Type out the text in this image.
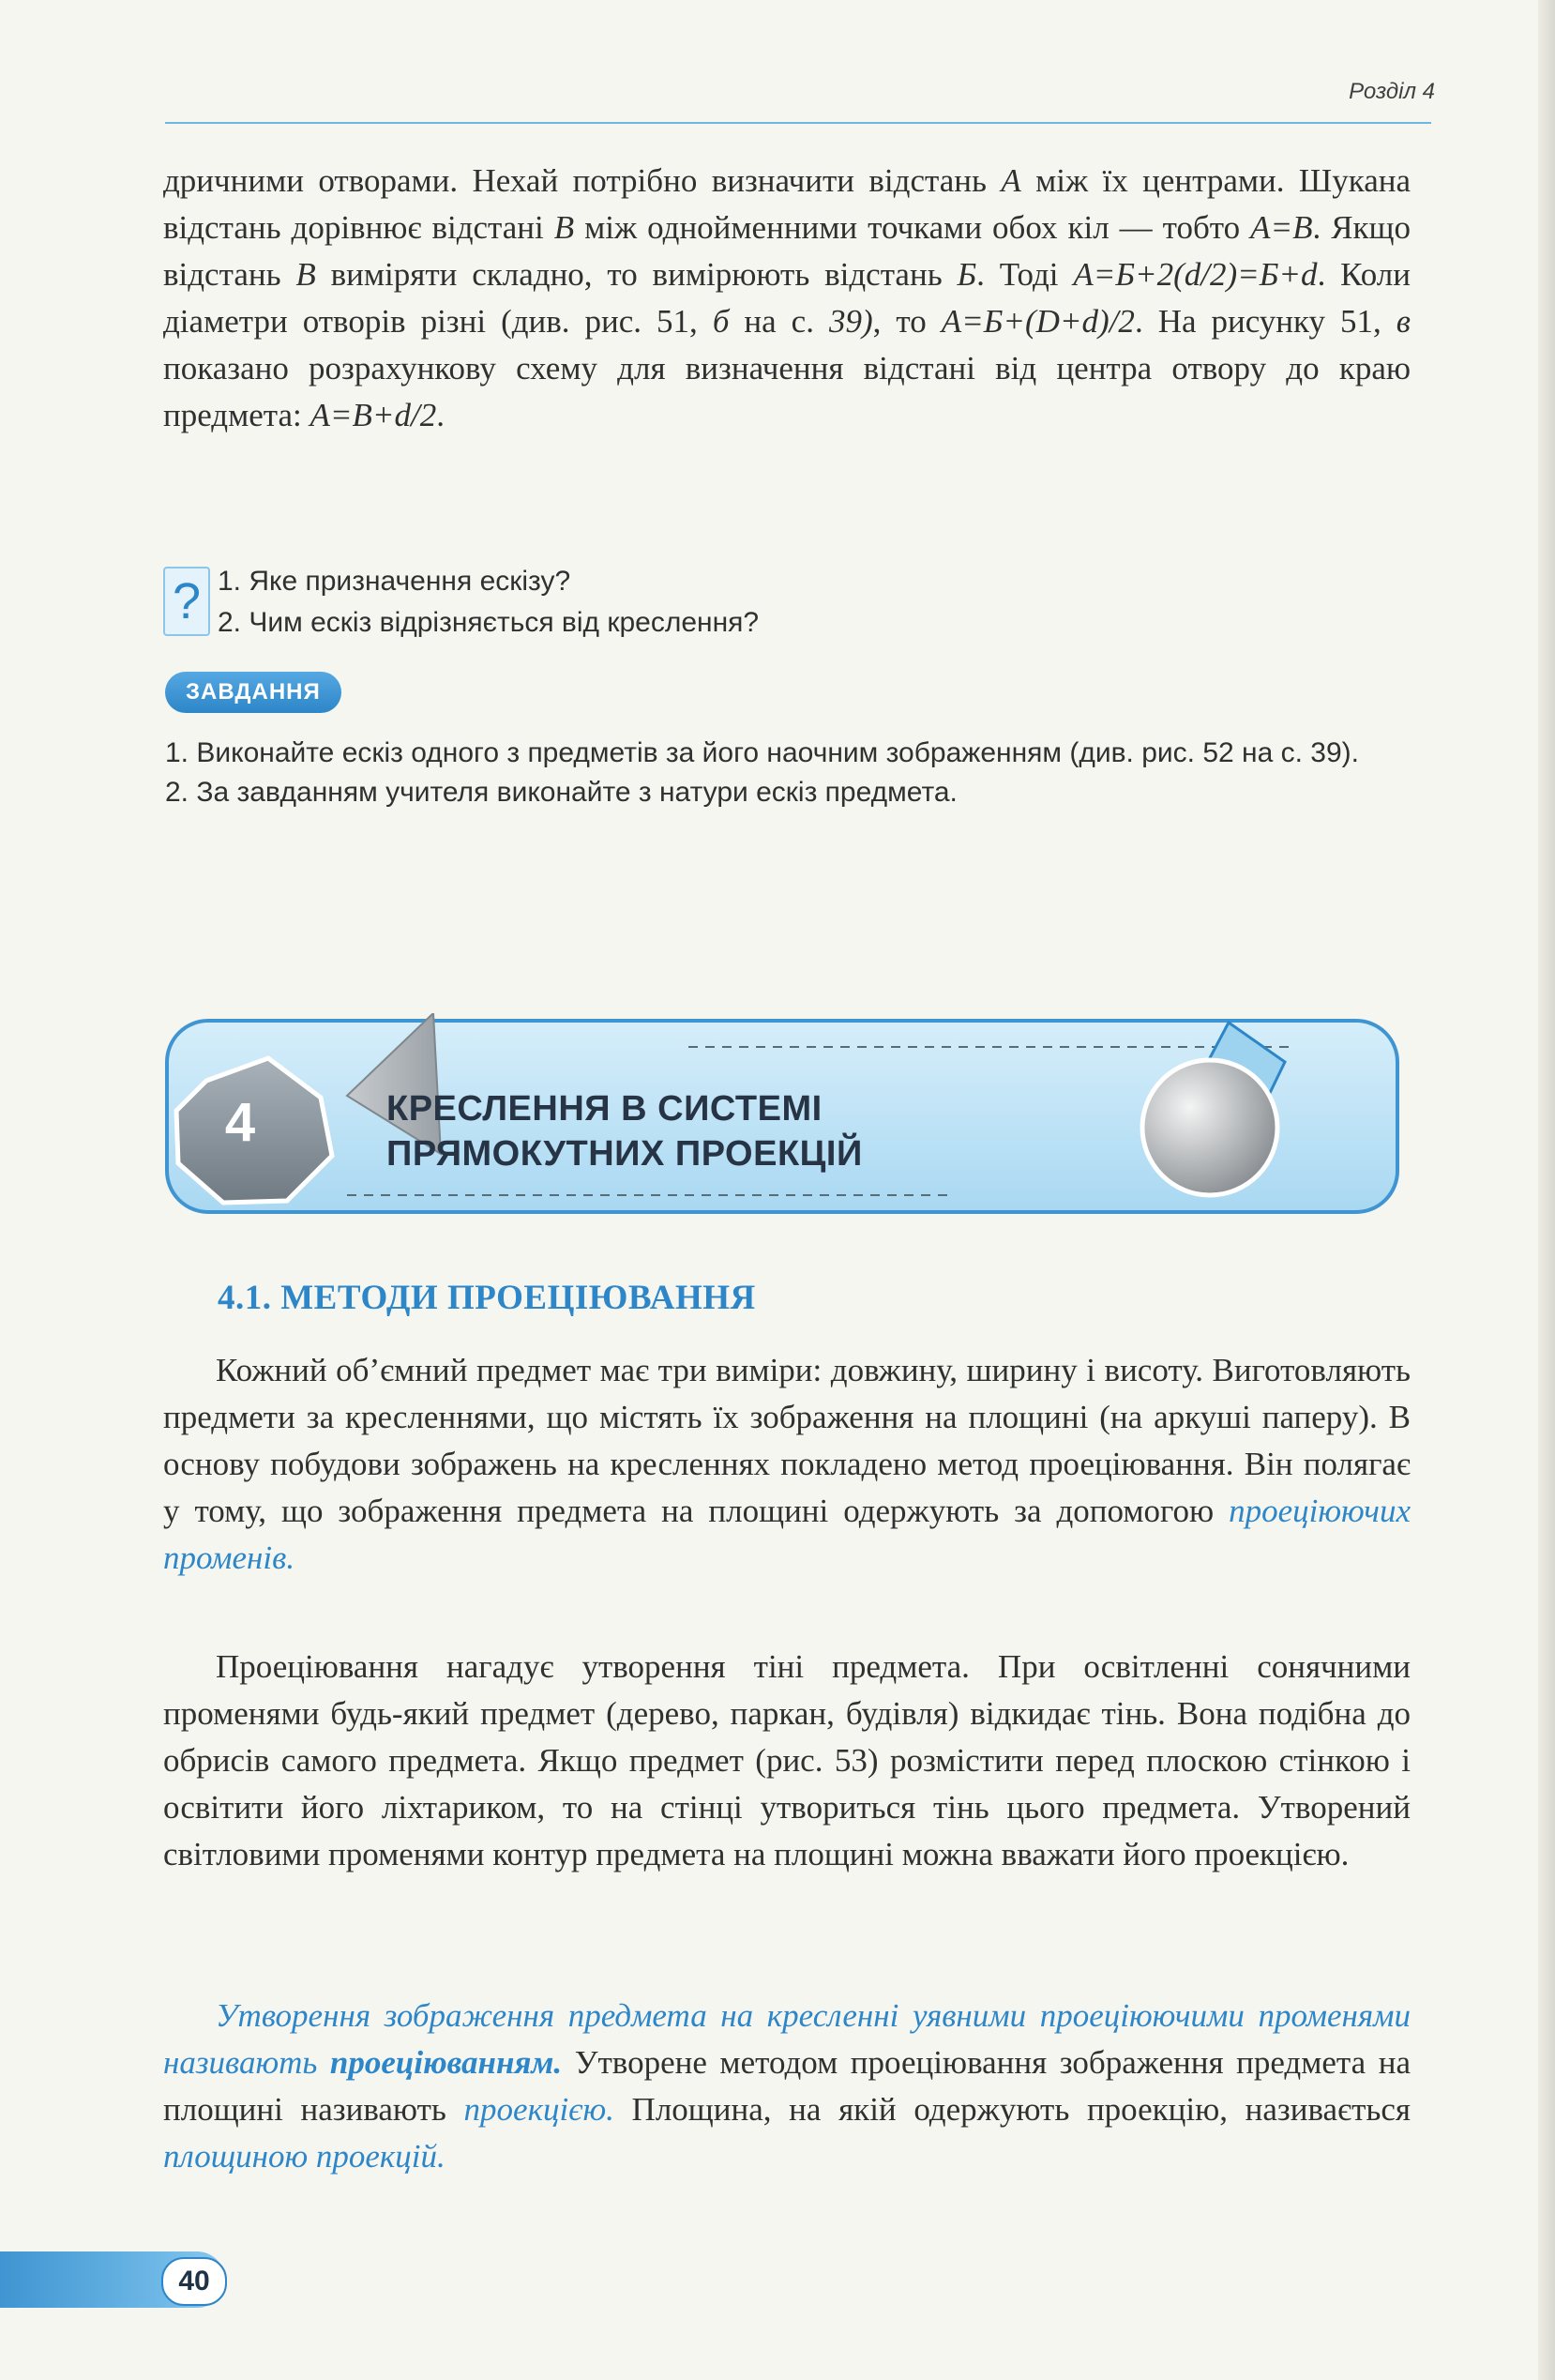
Розділ 4

дричними отворами. Нехай потрібно визначити відстань А між їх центрами. Шукана відстань дорівнює відстані В між однойменними точками обох кіл — тобто А=В. Якщо відстань В виміряти складно, то вимірюють відстань Б. Тоді А=Б+2(d/2)=Б+d. Коли діаметри отворів різні (див. рис. 51, б на с. 39), то А=Б+(D+d)/2. На рисунку 51, в показано розрахункову схему для визначення відстані від центра отвору до краю предмета: А=В+d/2.

? 1. Яке призначення ескізу?
2. Чим ескіз відрізняється від креслення?
ЗАВДАННЯ
1. Виконайте ескіз одного з предметів за його наочним зображенням (див. рис. 52 на с. 39).
2. За завданням учителя виконайте з натури ескіз предмета.
4	КРЕСЛЕННЯ В СИСТЕМІ
ПРЯМОКУТНИХ ПРОЕКЦІЙ
4.1. МЕТОДИ ПРОЕЦІЮВАННЯ

Кожний об’ємний предмет має три виміри: довжину, ширину і висоту. Виготовляють предмети за кресленнями, що містять їх зображення на площині (на аркуші паперу). В основу побудови зображень на кресленнях покладено метод проеціювання. Він полягає у тому, що зображення предмета на площині одержують за допомогою проеціюючих променів.

Проеціювання нагадує утворення тіні предмета. При освітленні сонячними променями будь-який предмет (дерево, паркан, будівля) відкидає тінь. Вона подібна до обрисів самого предмета. Якщо предмет (рис. 53) розмістити перед плоскою стінкою і освітити його ліхтариком, то на стінці утвориться тінь цього предмета. Утворений світловими променями контур предмета на площині можна вважати його проекцією.

Утворення зображення предмета на кресленні уявними проеціюючими променями називають проеціюванням. Утворене методом проеціювання зображення предмета на площині називають проекцією. Площина, на якій одержують проекцію, називається площиною проекцій.

40
